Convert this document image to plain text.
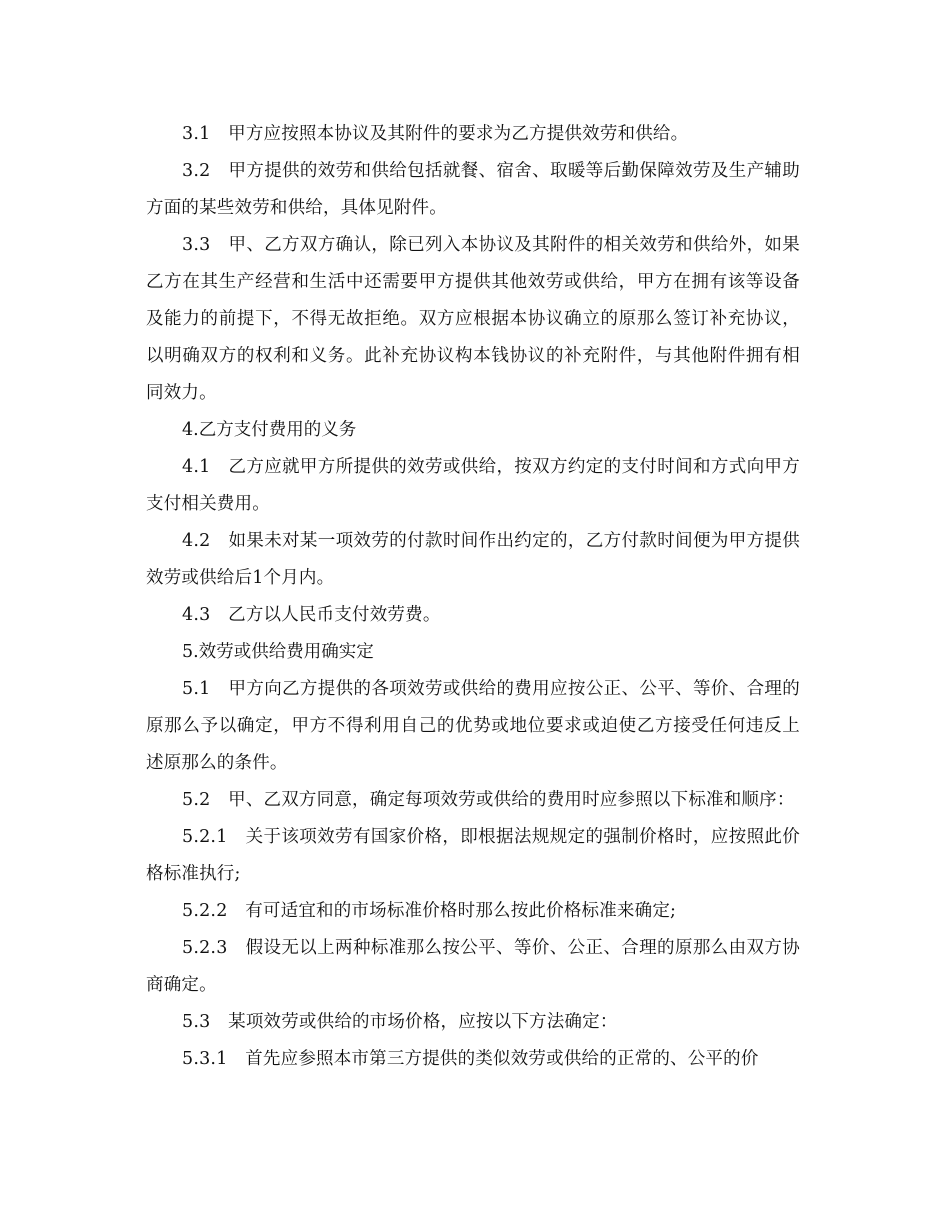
3.1　甲方应按照本协议及其附件的要求为乙方提供效劳和供给。

3.2　甲方提供的效劳和供给包括就餐、宿舍、取暖等后勤保障效劳及生产辅助方面的某些效劳和供给，具体见附件。

3.3　甲、乙方双方确认，除已列入本协议及其附件的相关效劳和供给外，如果乙方在其生产经营和生活中还需要甲方提供其他效劳或供给，甲方在拥有该等设备及能力的前提下，不得无故拒绝。双方应根据本协议确立的原那么签订补充协议，以明确双方的权利和义务。此补充协议构本钱协议的补充附件，与其他附件拥有相同效力。

4.乙方支付费用的义务

4.1　乙方应就甲方所提供的效劳或供给，按双方约定的支付时间和方式向甲方支付相关费用。

4.2　如果未对某一项效劳的付款时间作出约定的，乙方付款时间便为甲方提供效劳或供给后1个月内。

4.3　乙方以人民币支付效劳费。

5.效劳或供给费用确实定

5.1　甲方向乙方提供的各项效劳或供给的费用应按公正、公平、等价、合理的原那么予以确定，甲方不得利用自己的优势或地位要求或迫使乙方接受任何违反上述原那么的条件。

5.2　甲、乙双方同意，确定每项效劳或供给的费用时应参照以下标准和顺序：

5.2.1　关于该项效劳有国家价格，即根据法规规定的强制价格时，应按照此价格标准执行;

5.2.2　有可适宜和的市场标准价格时那么按此价格标准来确定;

5.2.3　假设无以上两种标准那么按公平、等价、公正、合理的原那么由双方协商确定。

5.3　某项效劳或供给的市场价格，应按以下方法确定：

5.3.1　首先应参照本市第三方提供的类似效劳或供给的正常的、公平的价
